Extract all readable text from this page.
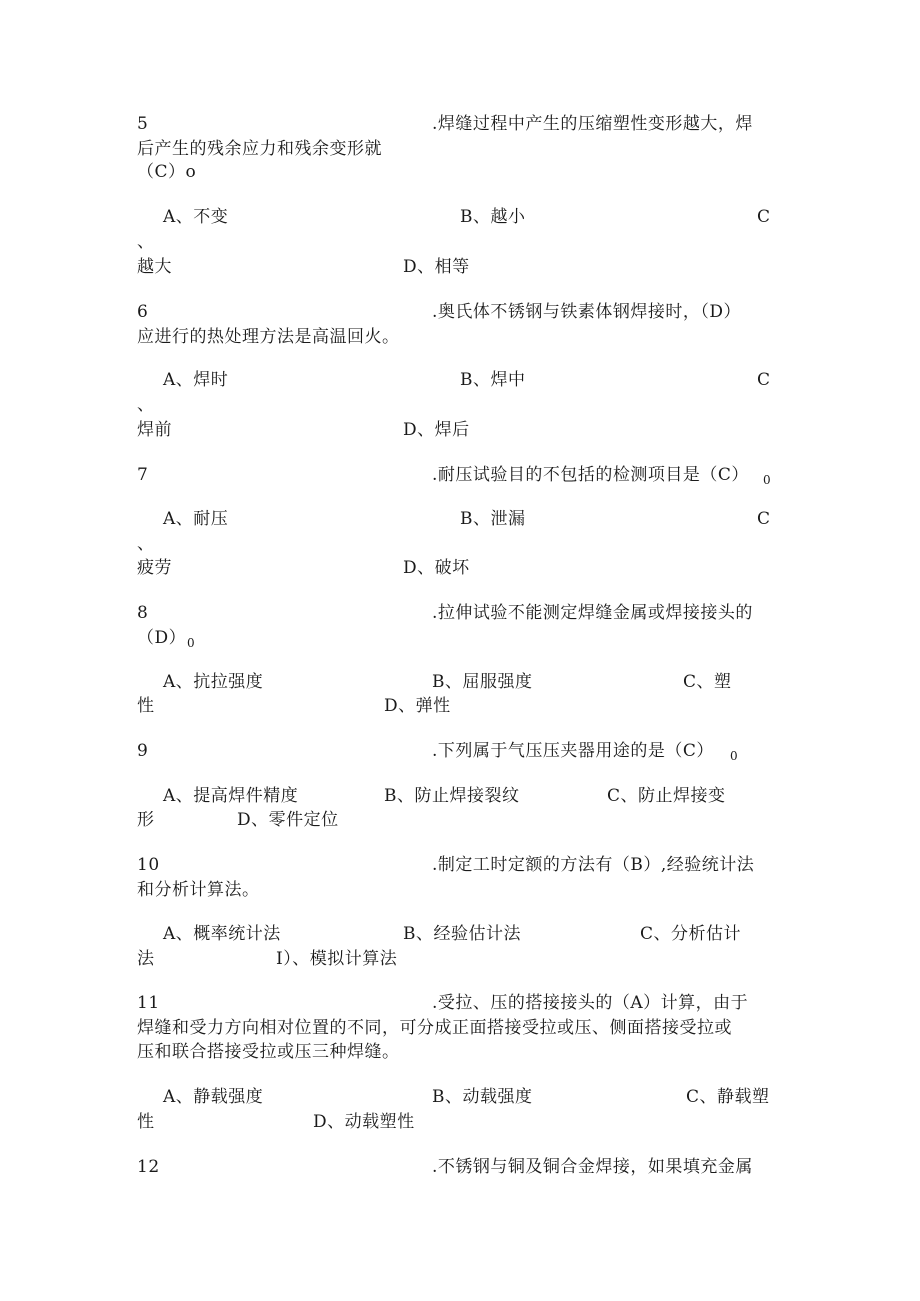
5	.焊缝过程中产生的压缩塑性变形越大，焊
后产生的残余应力和残余变形就
（C）o
A、不变	B、越小	C
、
越大	D、相等
6	.奥氏体不锈钢与铁素体钢焊接时，（D）
应进行的热处理方法是高温回火。
A、焊时	B、焊中	C
、
焊前	D、焊后
7	.耐压试验目的不包括的检测项目是（C） 0
A、耐压	B、泄漏	C
、
疲劳	D、破坏
8	.拉伸试验不能测定焊缝金属或焊接接头的
（D） 0
A、抗拉强度	B、屈服强度	C、塑
性	D、弹性
9	.下列属于气压压夹器用途的是（C） 0
A、提高焊件精度	B、防止焊接裂纹	C、防止焊接变
形	D、零件定位
10	.制定工时定额的方法有（B）,经验统计法
和分析计算法。
A、概率统计法	B、经验估计法	C、分析估计
法	I）、模拟计算法
11	.受拉、压的搭接接头的（A）计算，由于
焊缝和受力方向相对位置的不同，可分成正面搭接受拉或压、侧面搭接受拉或
压和联合搭接受拉或压三种焊缝。
A、静载强度	B、动载强度	C、静载塑
性	D、动载塑性
12	.不锈钢与铜及铜合金焊接，如果填充金属
